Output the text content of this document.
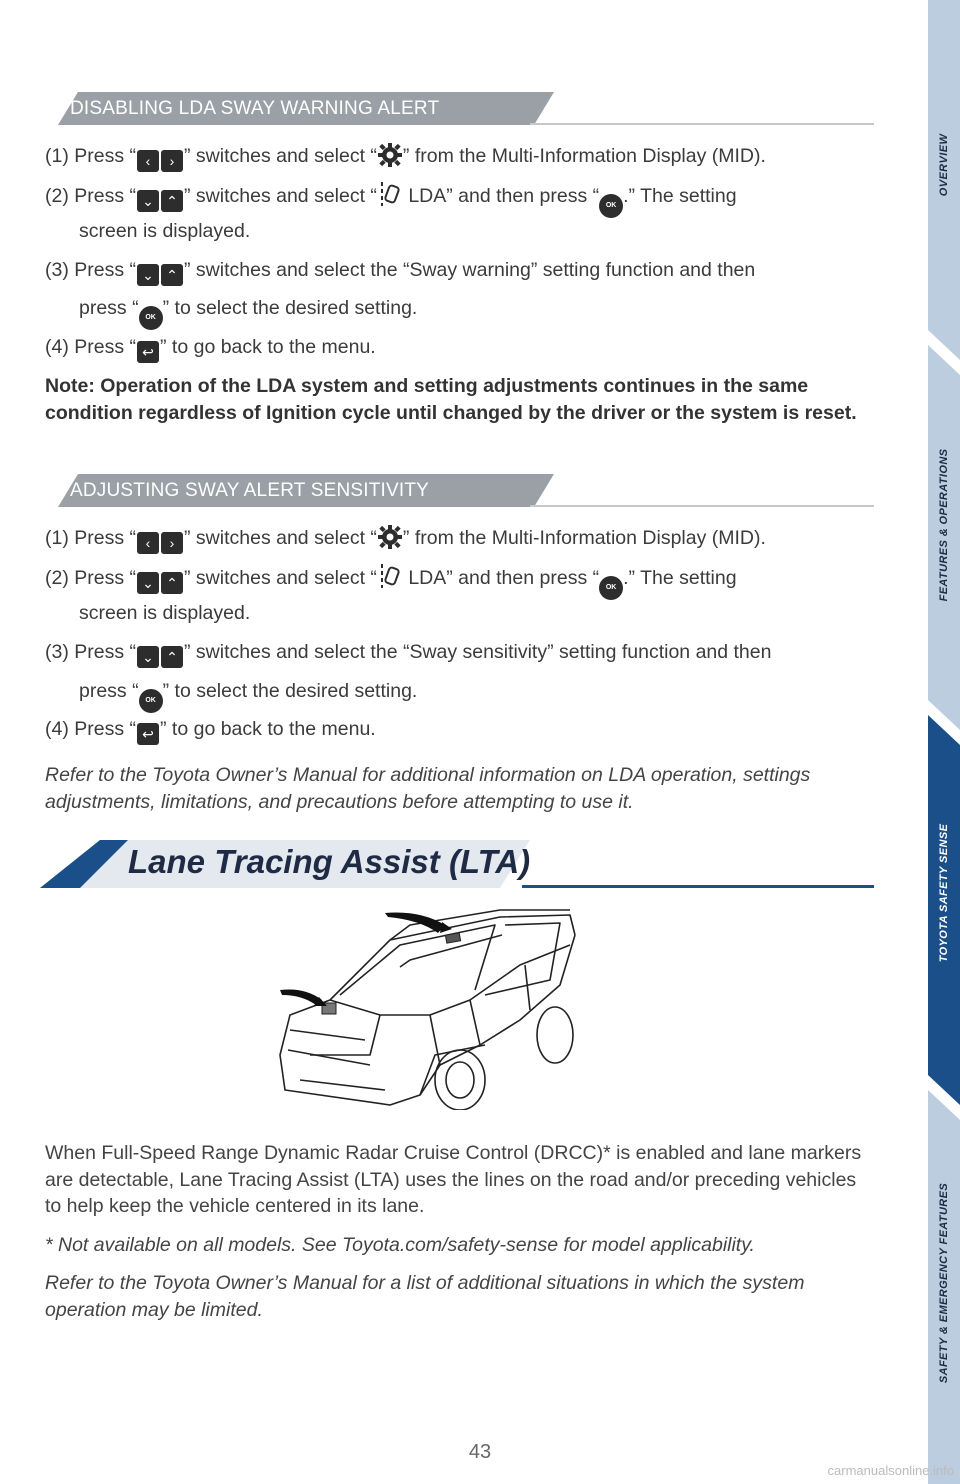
OVERVIEW
FEATURES & OPERATIONS
TOYOTA SAFETY SENSE
SAFETY & EMERGENCY FEATURES
DISABLING LDA SWAY WARNING ALERT
(1) Press “ ‹ › ” switches and select “ ” from the Multi-Information Display (MID).
(2) Press “ ⌄ ⌃ ” switches and select “ LDA” and then press “ OK .” The setting
screen is displayed.
(3) Press “ ⌄ ⌃ ” switches and select the “Sway warning” setting function and then
press “ OK ” to select the desired setting.
(4) Press “ ↩ ” to go back to the menu.
Note: Operation of the LDA system and setting adjustments continues in the same condition regardless of Ignition cycle until changed by the driver or the system is reset.
ADJUSTING SWAY ALERT SENSITIVITY
(1) Press “ ‹ › ” switches and select “ ” from the Multi-Information Display (MID).
(2) Press “ ⌄ ⌃ ” switches and select “ LDA” and then press “ OK .” The setting
screen is displayed.
(3) Press “ ⌄ ⌃ ” switches and select the “Sway sensitivity” setting function and then
press “ OK ” to select the desired setting.
(4) Press “ ↩ ” to go back to the menu.
Refer to the Toyota Owner’s Manual for additional information on LDA operation, settings adjustments, limitations, and precautions before attempting to use it.
Lane Tracing Assist (LTA)
When Full-Speed Range Dynamic Radar Cruise Control (DRCC)* is enabled and lane markers are detectable, Lane Tracing Assist (LTA) uses the lines on the road and/or preceding vehicles to help keep the vehicle centered in its lane.
* Not available on all models. See Toyota.com/safety-sense for model applicability.
Refer to the Toyota Owner’s Manual for a list of additional situations in which the system operation may be limited.
43
carmanualsonline.info
